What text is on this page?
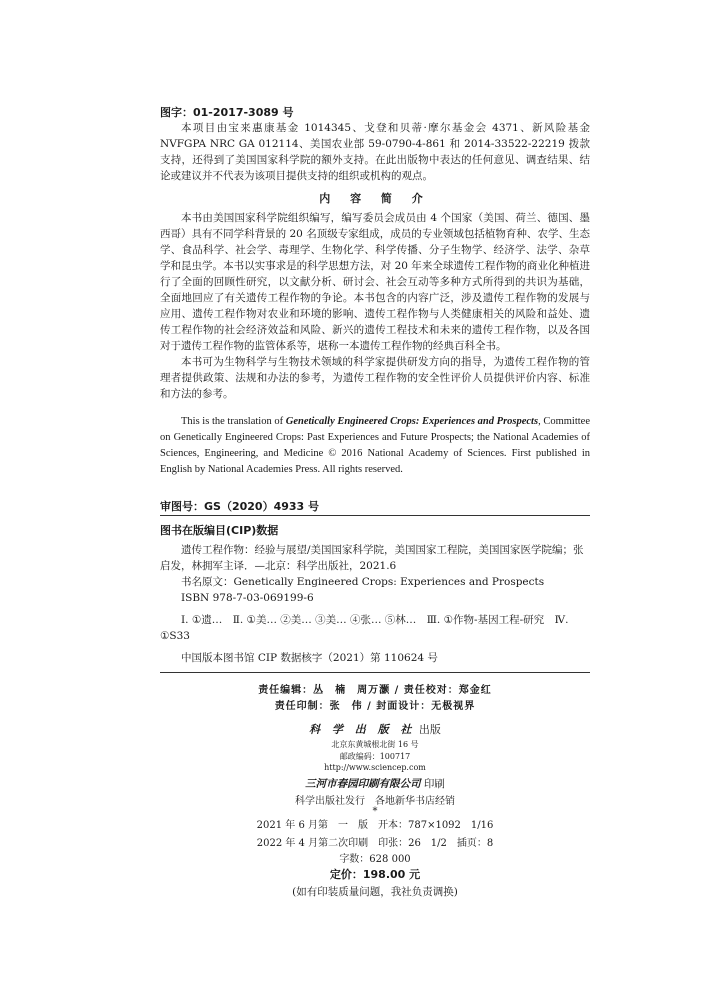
图字：01-2017-3089 号
本项目由宝来惠康基金 1014345、戈登和贝蒂·摩尔基金会 4371、新风险基金 NVFGPA NRC GA 012114、美国农业部 59-0790-4-861 和 2014-33522-22219 拨款支持，还得到了美国国家科学院的额外支持。在此出版物中表达的任何意见、调查结果、结论或建议并不代表为该项目提供支持的组织或机构的观点。
内 容 简 介
本书由美国国家科学院组织编写，编写委员会成员由 4 个国家（美国、荷兰、德国、墨西哥）具有不同学科背景的 20 名顶级专家组成，成员的专业领域包括植物育种、农学、生态学、食品科学、社会学、毒理学、生物化学、科学传播、分子生物学、经济学、法学、杂草学和昆虫学。本书以实事求是的科学思想方法，对 20 年来全球遗传工程作物的商业化种植进行了全面的回顾性研究，以文献分析、研讨会、社会互动等多种方式所得到的共识为基础，全面地回应了有关遗传工程作物的争论。本书包含的内容广泛，涉及遗传工程作物的发展与应用、遗传工程作物对农业和环境的影响、遗传工程作物与人类健康相关的风险和益处、遗传工程作物的社会经济效益和风险、新兴的遗传工程技术和未来的遗传工程作物，以及各国对于遗传工程作物的监管体系等，堪称一本遗传工程作物的经典百科全书。
本书可为生物科学与生物技术领域的科学家提供研发方向的指导，为遗传工程作物的管理者提供政策、法规和办法的参考，为遗传工程作物的安全性评价人员提供评价内容、标准和方法的参考。
This is the translation of Genetically Engineered Crops: Experiences and Prospects, Committee on Genetically Engineered Crops: Past Experiences and Future Prospects; the National Academies of Sciences, Engineering, and Medicine © 2016 National Academy of Sciences. First published in English by National Academies Press. All rights reserved.
审图号：GS（2020）4933 号
图书在版编目(CIP)数据
遗传工程作物：经验与展望/美国国家科学院，美国国家工程院，美国国家医学院编；张启发，林拥军主译．—北京：科学出版社，2021.6
书名原文：Genetically Engineered Crops: Experiences and Prospects
ISBN 978-7-03-069199-6
Ⅰ. ①遗…　Ⅱ. ①美… ②美… ③美… ④张… ⑤林…　Ⅲ. ①作物-基因工程-研究　Ⅳ. ①S33
中国版本图书馆 CIP 数据核字（2021）第 110624 号
责任编辑：丛　楠　周万灏 / 责任校对：郑金红
责任印制：张　伟 / 封面设计：无极视界
科 学 出 版 社 出版
北京东黄城根北街 16 号
邮政编码：100717
http://www.sciencep.com
三河市春园印刷有限公司 印刷
科学出版社发行　各地新华书店经销
*
2021 年 6 月第　一　版　开本：787×1092　1/16
2022 年 4 月第二次印刷　印张：26　1/2　插页：8
字数：628 000
定价：198.00 元
(如有印装质量问题，我社负责调换)
